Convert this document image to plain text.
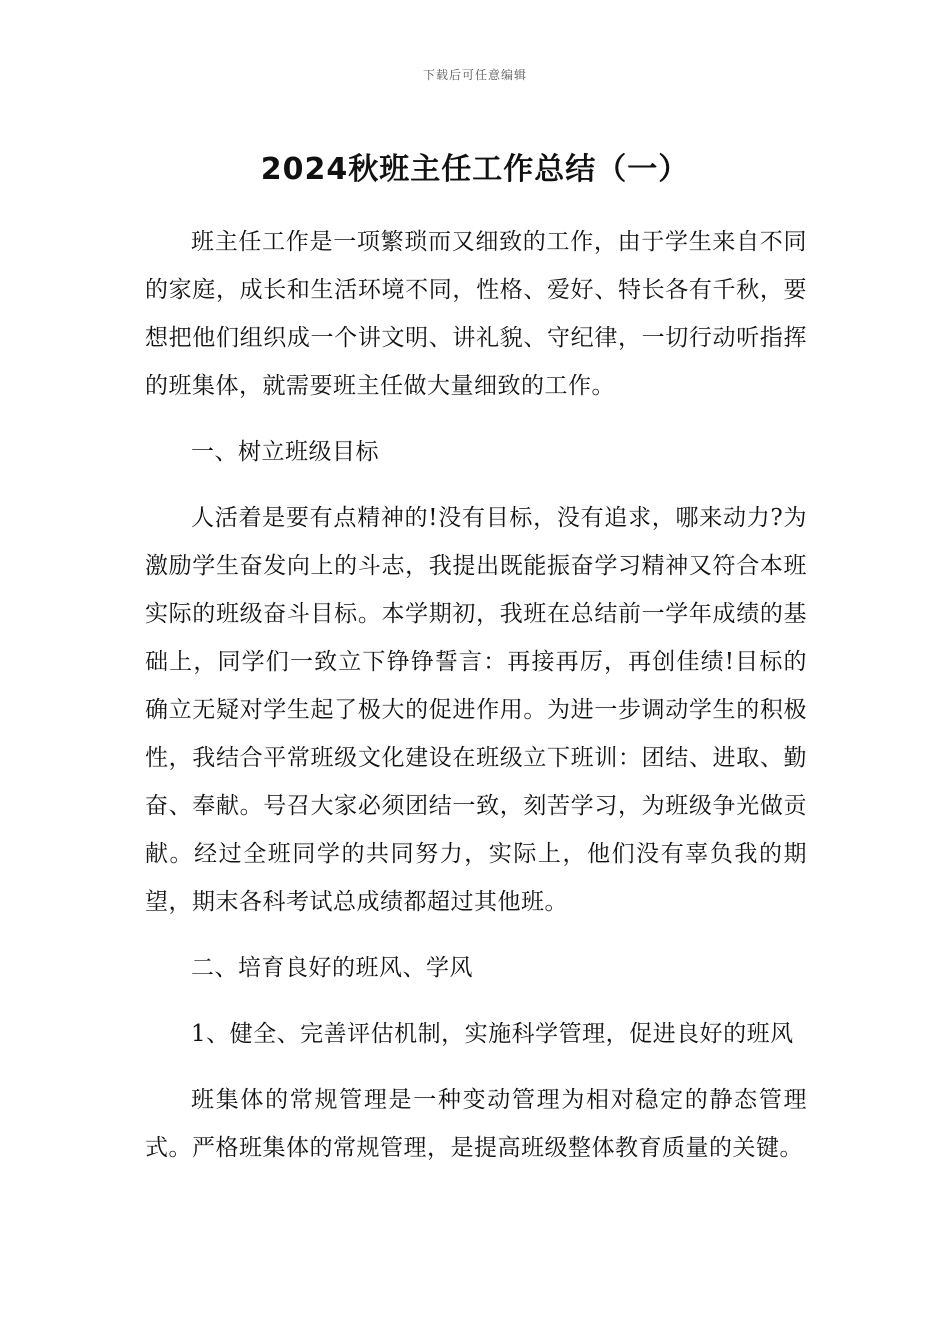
下载后可任意编辑
2024秋班主任工作总结（一）

班主任工作是一项繁琐而又细致的工作，由于学生来自不同的家庭，成长和生活环境不同，性格、爱好、特长各有千秋，要想把他们组织成一个讲文明、讲礼貌、守纪律，一切行动听指挥的班集体，就需要班主任做大量细致的工作。

一、树立班级目标

人活着是要有点精神的!没有目标，没有追求，哪来动力?为激励学生奋发向上的斗志，我提出既能振奋学习精神又符合本班实际的班级奋斗目标。本学期初，我班在总结前一学年成绩的基础上，同学们一致立下铮铮誓言：再接再厉，再创佳绩!目标的确立无疑对学生起了极大的促进作用。为进一步调动学生的积极性，我结合平常班级文化建设在班级立下班训：团结、进取、勤奋、奉献。号召大家必须团结一致，刻苦学习，为班级争光做贡献。经过全班同学的共同努力，实际上，他们没有辜负我的期望，期末各科考试总成绩都超过其他班。

二、培育良好的班风、学风

1、健全、完善评估机制，实施科学管理，促进良好的班风

班集体的常规管理是一种变动管理为相对稳定的静态管理式。严格班集体的常规管理，是提高班级整体教育质量的关键。
